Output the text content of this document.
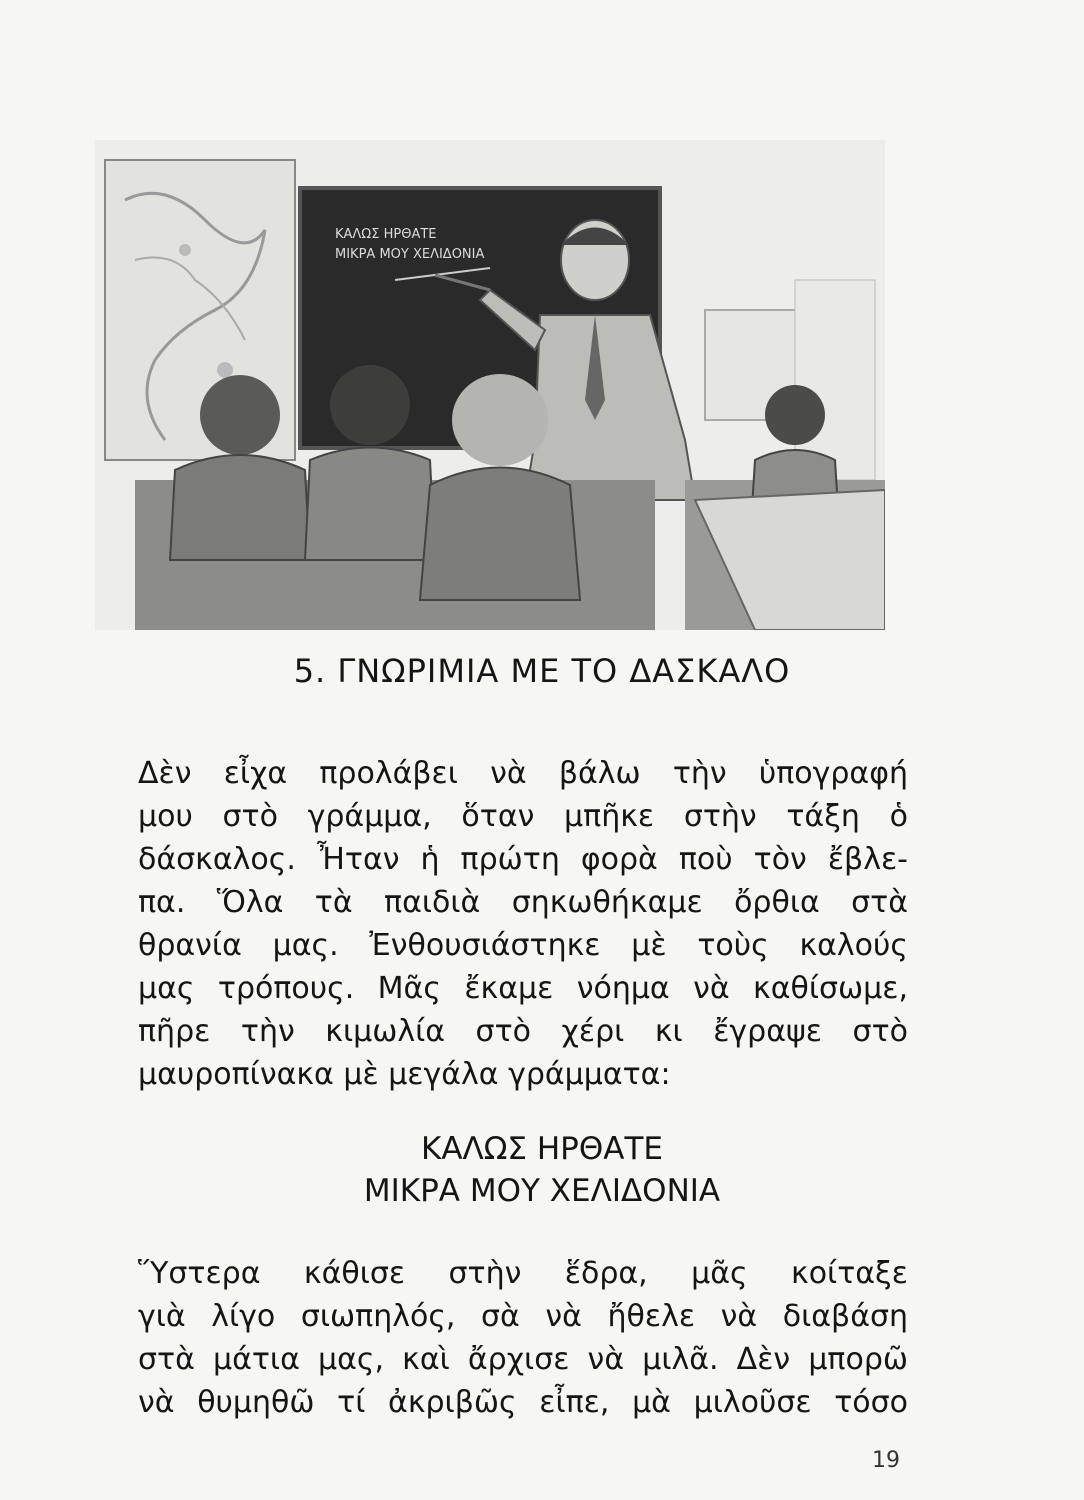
ΚΑΛΩΣ ΗΡΘΑΤΕ
ΜΙΚΡΑ ΜΟΥ ΧΕΛΙΔΟΝΙΑ
5. ΓΝΩΡΙΜΙΑ ΜΕ ΤΟ ΔΑΣΚΑΛΟ
Δὲν εἶχα προλάβει νὰ βάλω τὴν ὑπογραφή
μου στὸ γράμμα, ὅταν μπῆκε στὴν τάξη ὁ
δάσκαλος. Ἦταν ἡ πρώτη φορὰ ποὺ τὸν ἔβλε-
πα. Ὅλα τὰ παιδιὰ σηκωθήκαμε ὄρθια στὰ
θρανία μας. Ἐνθουσιάστηκε μὲ τοὺς καλούς
μας τρόπους. Μᾶς ἔκαμε νόημα νὰ καθίσωμε,
πῆρε τὴν κιμωλία στὸ χέρι κι ἔγραψε στὸ
μαυροπίνακα μὲ μεγάλα γράμματα:
ΚΑΛΩΣ ΗΡΘΑΤΕ
ΜΙΚΡΑ ΜΟΥ ΧΕΛΙΔΟΝΙΑ
Ὕστερα κάθισε στὴν ἕδρα, μᾶς κοίταξε
γιὰ λίγο σιωπηλός, σὰ νὰ ἤθελε νὰ διαβάση
στὰ μάτια μας, καὶ ἄρχισε νὰ μιλᾶ. Δὲν μπορῶ
νὰ θυμηθῶ τί ἀκριβῶς εἶπε, μὰ μιλοῦσε τόσο
19
